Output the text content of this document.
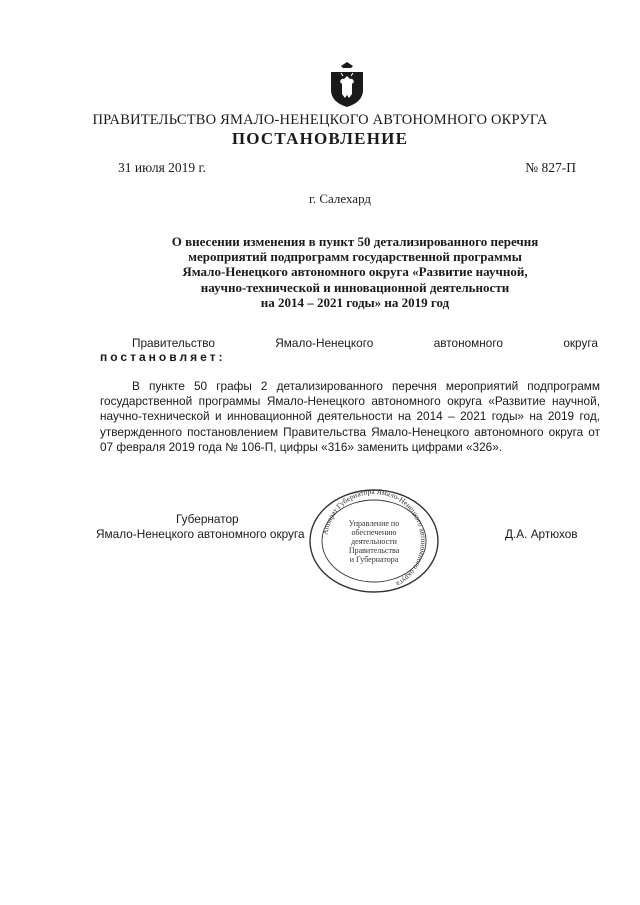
ПРАВИТЕЛЬСТВО ЯМАЛО-НЕНЕЦКОГО АВТОНОМНОГО ОКРУГА
ПОСТАНОВЛЕНИЕ
31 июля 2019 г.	№ 827-П
г. Салехард
О внесении изменения в пункт 50 детализированного перечня
мероприятий подпрограмм государственной программы
Ямало-Ненецкого автономного округа «Развитие научной,
научно-технической и инновационной деятельности
на 2014 – 2021 годы» на 2019 год
Правительство	Ямало-Ненецкого	автономного	округа
постановляет:

В пункте 50 графы 2 детализированного перечня мероприятий подпрограмм государственной программы Ямало-Ненецкого автономного округа «Развитие научной, научно-технической и инновационной деятельности на 2014 – 2021 годы» на 2019 год, утвержденного постановлением Правительства Ямало-Ненецкого автономного округа от 07 февраля 2019 года № 106-П, цифры «316» заменить цифрами «326».

Губернатор
Ямало-Ненецкого автономного округа	Д.А. Артюхов
Аппарат Губернатора Ямало-Ненецкого автономного округа
Управление по
обеспечению
деятельности
Правительства
и Губернатора
